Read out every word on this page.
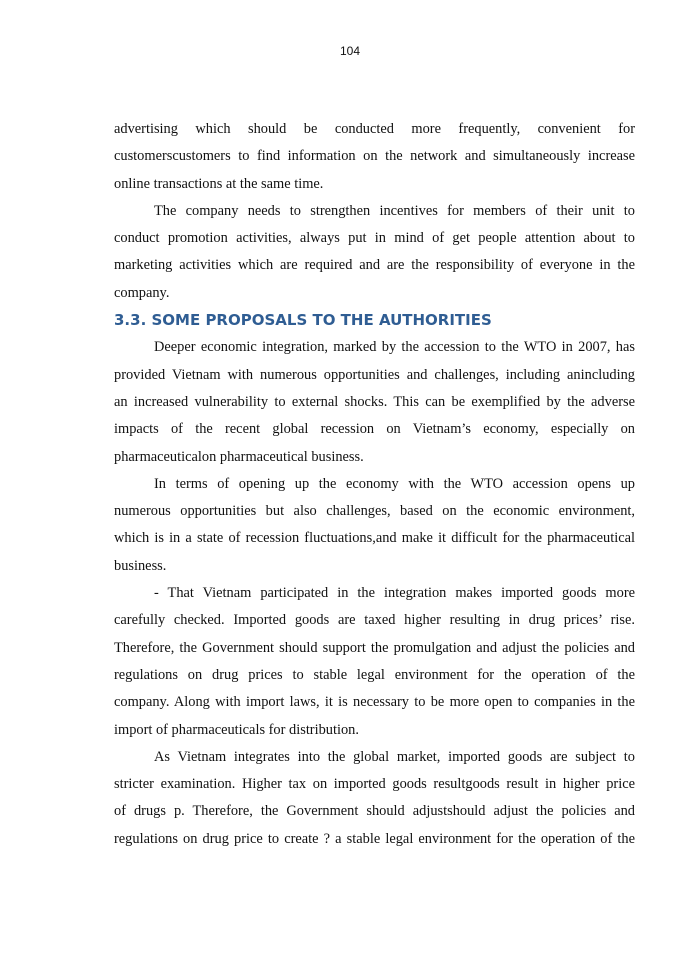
104
advertising which should be conducted more frequently, convenient for
customerscustomers to find information on the network and simultaneously increase
online transactions at the same time.
The company needs to strengthen incentives for members of their unit to
conduct promotion activities, always put in mind of get people attention about to
marketing activities which are required and are the responsibility of everyone in the
company.
3.3. SOME PROPOSALS TO THE AUTHORITIES
Deeper economic integration, marked by the accession to the WTO in 2007, has
provided Vietnam with numerous opportunities and challenges, including anincluding
an increased vulnerability to external shocks. This can be exemplified by the adverse
impacts of the recent global recession on Vietnam’s economy, especially on
pharmaceuticalon pharmaceutical business.
In terms of opening up the economy with the WTO accession opens up
numerous opportunities but also challenges, based on the economic environment,
which is in a state of recession fluctuations,and make it difficult for the pharmaceutical
business.
- That Vietnam participated in the integration makes imported goods more
carefully checked. Imported goods are taxed higher resulting in drug prices’ rise.
Therefore, the Government should support the promulgation and adjust the policies and
regulations on drug prices to stable legal environment for the operation of the
company. Along with import laws, it is necessary to be more open to companies in the
import of pharmaceuticals for distribution.
As Vietnam integrates into the global market, imported goods are subject to
stricter examination. Higher tax on imported goods resultgoods result in higher price
of drugs p. Therefore, the Government should adjustshould adjust the policies and
regulations on drug price to create ? a stable legal environment for the operation of the
